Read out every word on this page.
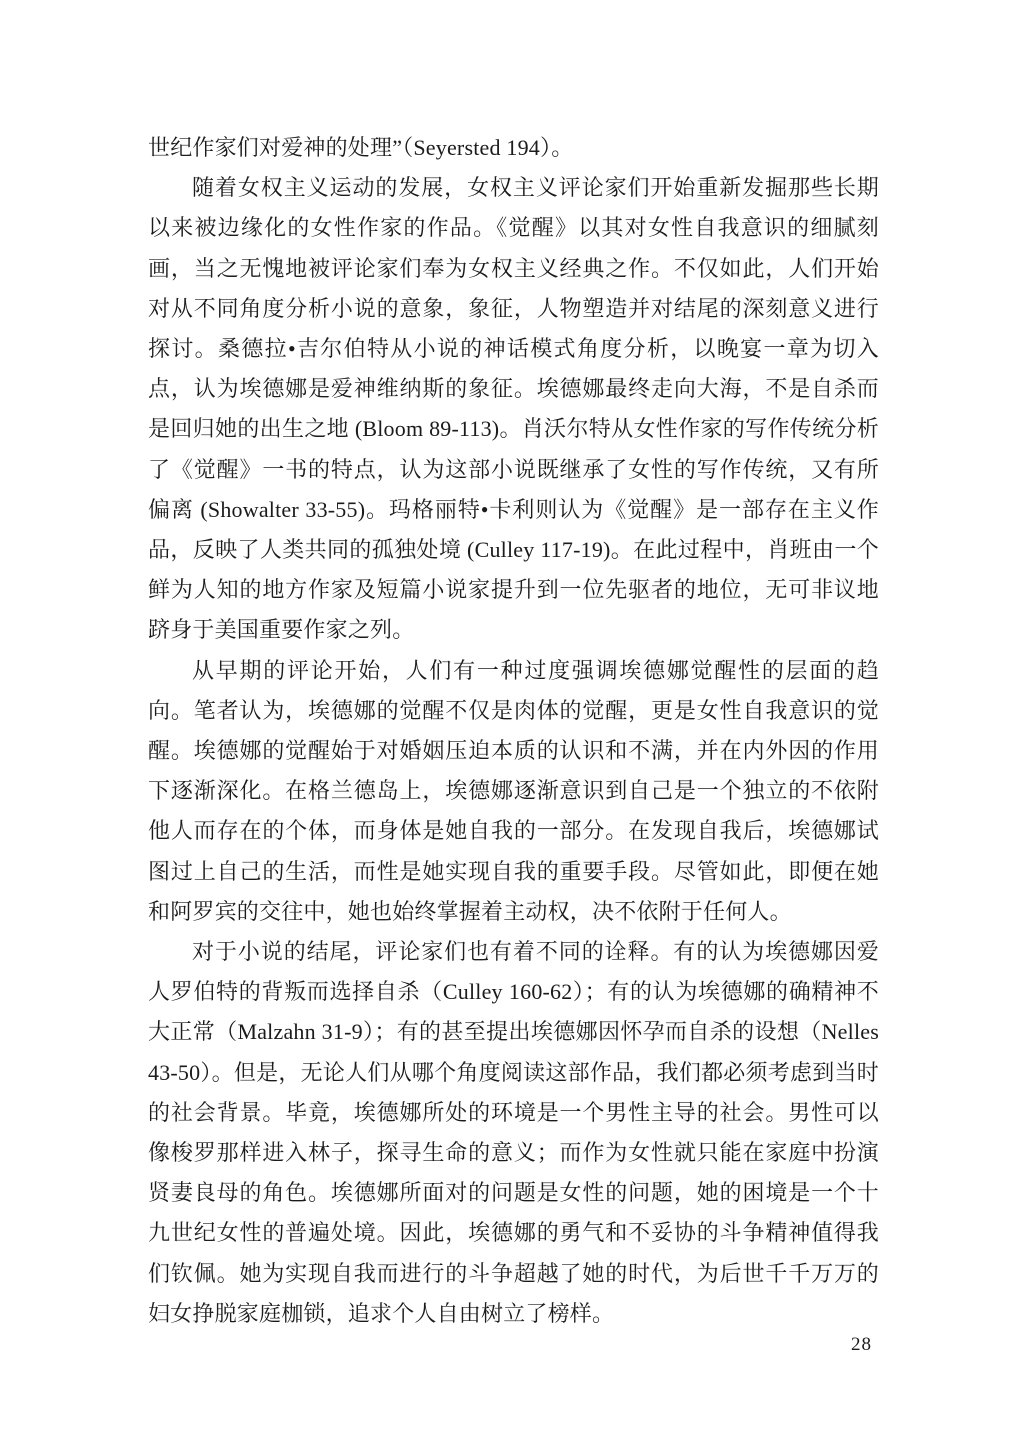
世纪作家们对爱神的处理”（Seyersted 194）。

随着女权主义运动的发展，女权主义评论家们开始重新发掘那些长期以来被边缘化的女性作家的作品。《觉醒》以其对女性自我意识的细腻刻画，当之无愧地被评论家们奉为女权主义经典之作。不仅如此，人们开始对从不同角度分析小说的意象，象征，人物塑造并对结尾的深刻意义进行探讨。桑德拉•吉尔伯特从小说的神话模式角度分析，以晚宴一章为切入点，认为埃德娜是爱神维纳斯的象征。埃德娜最终走向大海，不是自杀而是回归她的出生之地 (Bloom 89-113)。肖沃尔特从女性作家的写作传统分析了《觉醒》一书的特点，认为这部小说既继承了女性的写作传统，又有所偏离 (Showalter 33-55)。玛格丽特•卡利则认为《觉醒》是一部存在主义作品，反映了人类共同的孤独处境 (Culley 117-19)。在此过程中，肖班由一个鲜为人知的地方作家及短篇小说家提升到一位先驱者的地位，无可非议地跻身于美国重要作家之列。

从早期的评论开始，人们有一种过度强调埃德娜觉醒性的层面的趋向。笔者认为，埃德娜的觉醒不仅是肉体的觉醒，更是女性自我意识的觉醒。埃德娜的觉醒始于对婚姻压迫本质的认识和不满，并在内外因的作用下逐渐深化。在格兰德岛上，埃德娜逐渐意识到自己是一个独立的不依附他人而存在的个体，而身体是她自我的一部分。在发现自我后，埃德娜试图过上自己的生活，而性是她实现自我的重要手段。尽管如此，即便在她和阿罗宾的交往中，她也始终掌握着主动权，决不依附于任何人。

对于小说的结尾，评论家们也有着不同的诠释。有的认为埃德娜因爱人罗伯特的背叛而选择自杀（Culley 160-62）；有的认为埃德娜的确精神不大正常（Malzahn 31-9）；有的甚至提出埃德娜因怀孕而自杀的设想（Nelles 43-50）。但是，无论人们从哪个角度阅读这部作品，我们都必须考虑到当时的社会背景。毕竟，埃德娜所处的环境是一个男性主导的社会。男性可以像梭罗那样进入林子，探寻生命的意义；而作为女性就只能在家庭中扮演贤妻良母的角色。埃德娜所面对的问题是女性的问题，她的困境是一个十九世纪女性的普遍处境。因此，埃德娜的勇气和不妥协的斗争精神值得我们钦佩。她为实现自我而进行的斗争超越了她的时代，为后世千千万万的妇女挣脱家庭枷锁，追求个人自由树立了榜样。

28
